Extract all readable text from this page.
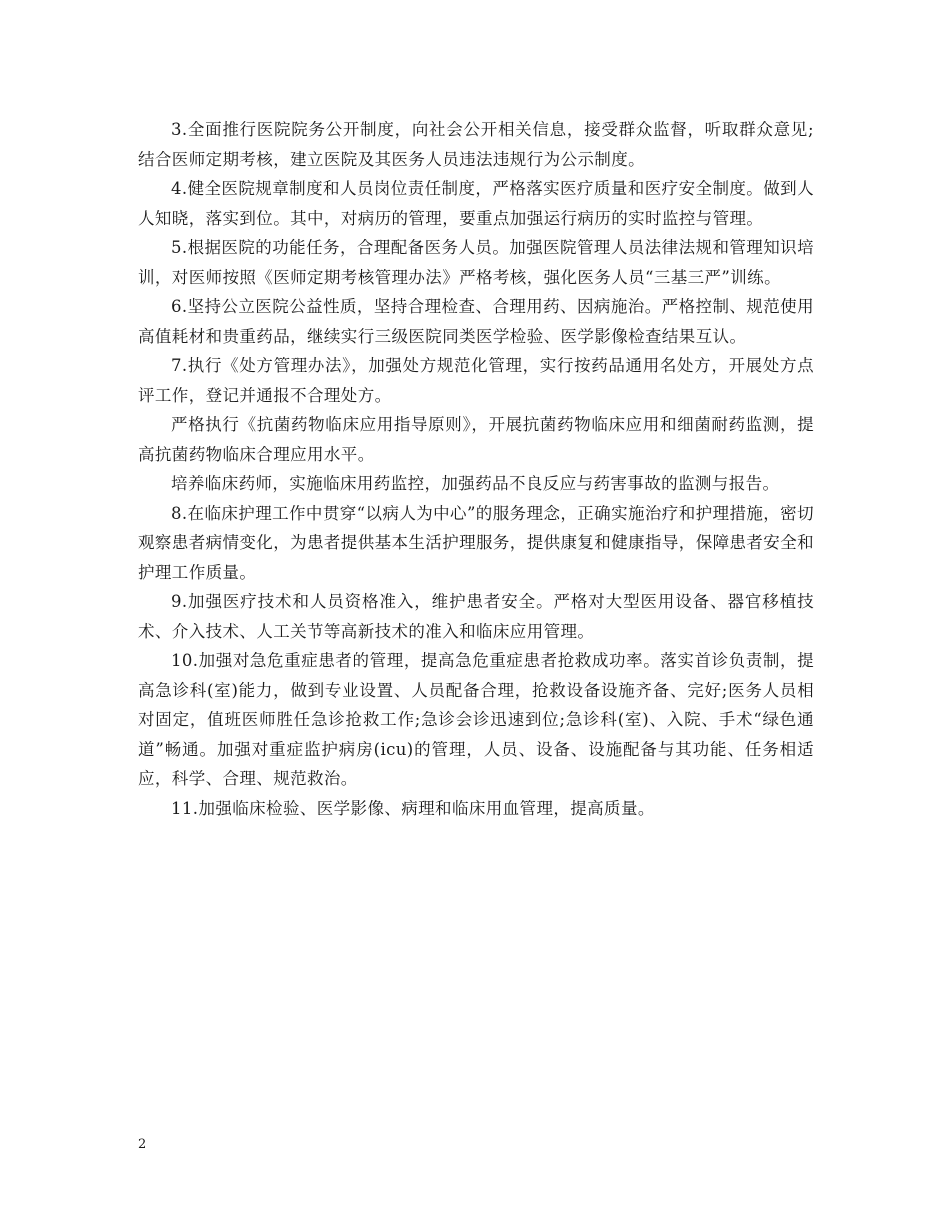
3.全面推行医院院务公开制度，向社会公开相关信息，接受群众监督，听取群众意见;结合医师定期考核，建立医院及其医务人员违法违规行为公示制度。

4.健全医院规章制度和人员岗位责任制度，严格落实医疗质量和医疗安全制度。做到人人知晓，落实到位。其中，对病历的管理，要重点加强运行病历的实时监控与管理。

5.根据医院的功能任务，合理配备医务人员。加强医院管理人员法律法规和管理知识培训，对医师按照《医师定期考核管理办法》严格考核，强化医务人员“三基三严”训练。

6.坚持公立医院公益性质，坚持合理检查、合理用药、因病施治。严格控制、规范使用高值耗材和贵重药品，继续实行三级医院同类医学检验、医学影像检查结果互认。

7.执行《处方管理办法》，加强处方规范化管理，实行按药品通用名处方，开展处方点评工作，登记并通报不合理处方。

严格执行《抗菌药物临床应用指导原则》，开展抗菌药物临床应用和细菌耐药监测，提高抗菌药物临床合理应用水平。

培养临床药师，实施临床用药监控，加强药品不良反应与药害事故的监测与报告。

8.在临床护理工作中贯穿“以病人为中心”的服务理念，正确实施治疗和护理措施，密切观察患者病情变化，为患者提供基本生活护理服务，提供康复和健康指导，保障患者安全和护理工作质量。

9.加强医疗技术和人员资格准入，维护患者安全。严格对大型医用设备、器官移植技术、介入技术、人工关节等高新技术的准入和临床应用管理。

10.加强对急危重症患者的管理，提高急危重症患者抢救成功率。落实首诊负责制，提高急诊科(室)能力，做到专业设置、人员配备合理，抢救设备设施齐备、完好;医务人员相对固定，值班医师胜任急诊抢救工作;急诊会诊迅速到位;急诊科(室)、入院、手术“绿色通道”畅通。加强对重症监护病房(icu)的管理，人员、设备、设施配备与其功能、任务相适应，科学、合理、规范救治。

11.加强临床检验、医学影像、病理和临床用血管理，提高质量。

2
